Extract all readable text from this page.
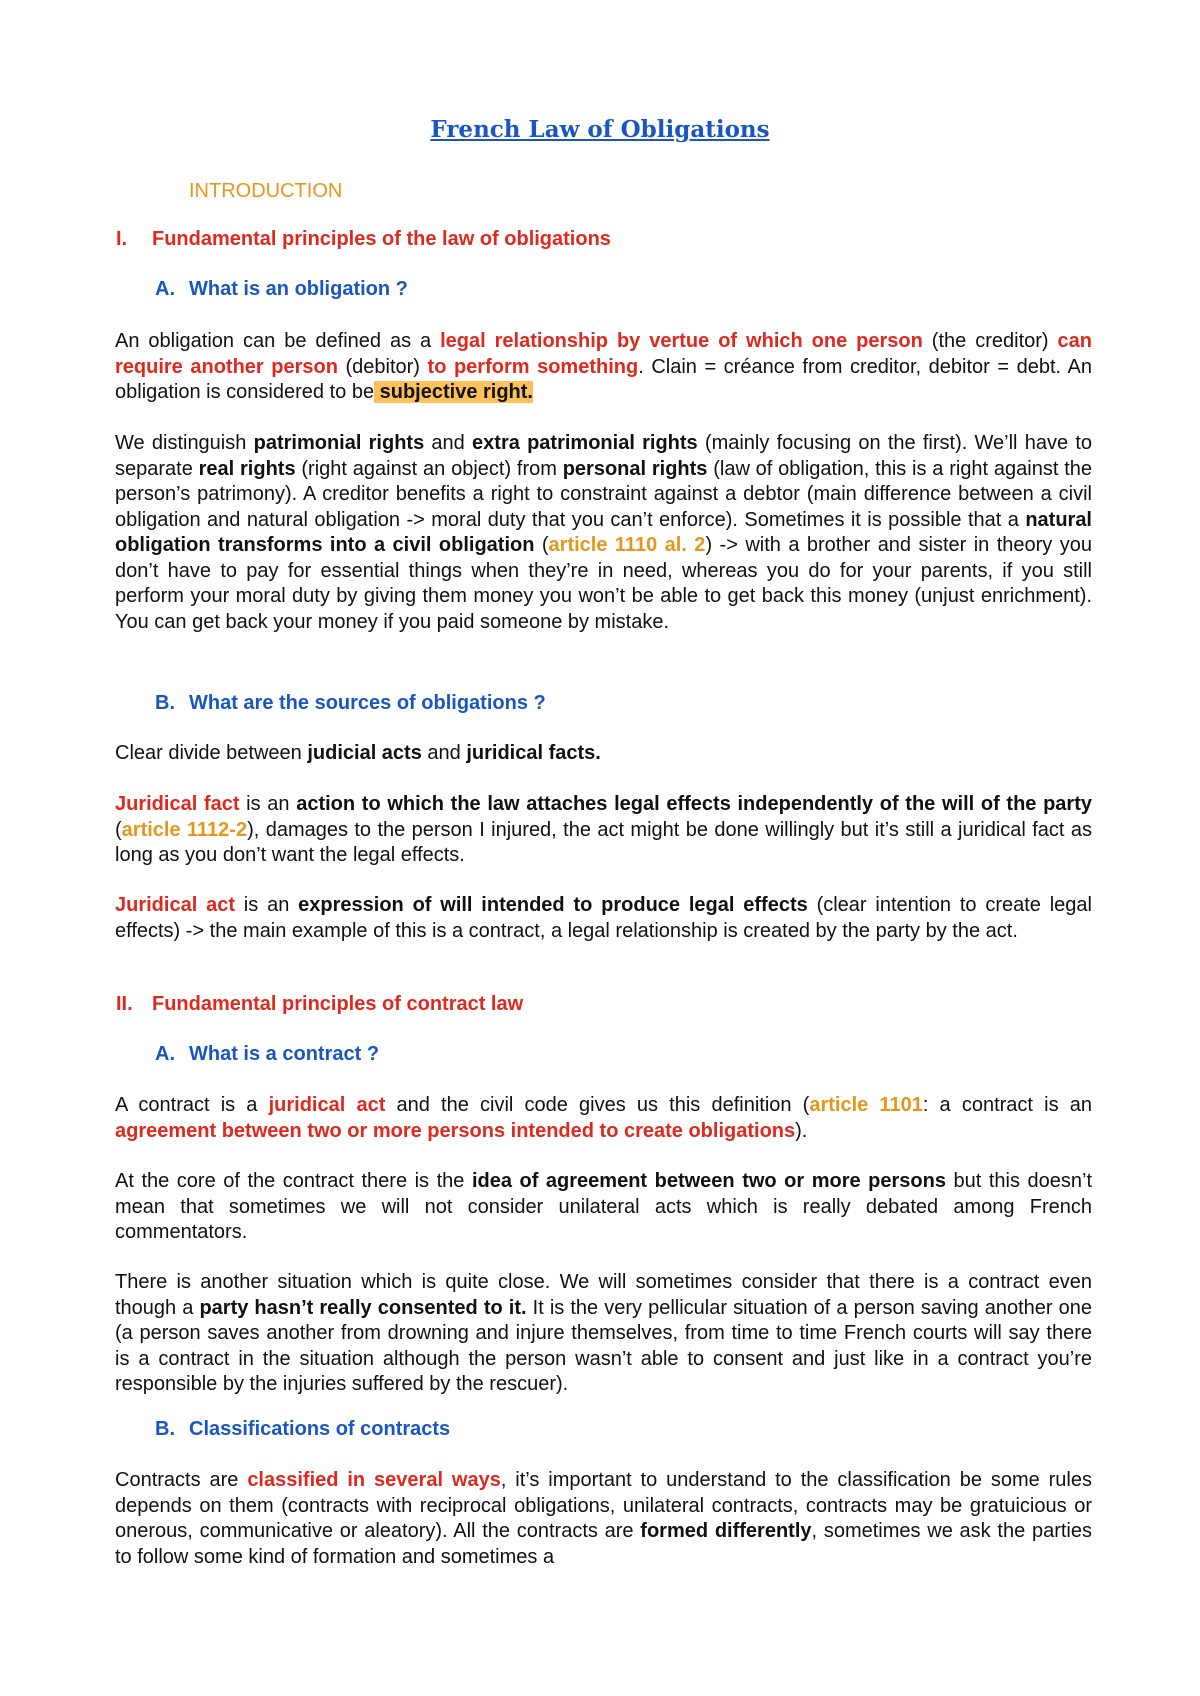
French Law of Obligations
INTRODUCTION
I. Fundamental principles of the law of obligations
A. What is an obligation ?

An obligation can be defined as a legal relationship by vertue of which one person (the creditor) can require another person (debitor) to perform something. Clain = créance from creditor, debitor = debt. An obligation is considered to be subjective right.

We distinguish patrimonial rights and extra patrimonial rights (mainly focusing on the first). We’ll have to separate real rights (right against an object) from personal rights (law of obligation, this is a right against the person’s patrimony). A creditor benefits a right to constraint against a debtor (main difference between a civil obligation and natural obligation -> moral duty that you can’t enforce). Sometimes it is possible that a natural obligation transforms into a civil obligation (article 1110 al. 2) -> with a brother and sister in theory you don’t have to pay for essential things when they’re in need, whereas you do for your parents, if you still perform your moral duty by giving them money you won’t be able to get back this money (unjust enrichment). You can get back your money if you paid someone by mistake.

B. What are the sources of obligations ?

Clear divide between judicial acts and juridical facts.

Juridical fact is an action to which the law attaches legal effects independently of the will of the party (article 1112-2), damages to the person I injured, the act might be done willingly but it’s still a juridical fact as long as you don’t want the legal effects.

Juridical act is an expression of will intended to produce legal effects (clear intention to create legal effects) -> the main example of this is a contract, a legal relationship is created by the party by the act.

II. Fundamental principles of contract law
A. What is a contract ?

A contract is a juridical act and the civil code gives us this definition (article 1101: a contract is an agreement between two or more persons intended to create obligations).

At the core of the contract there is the idea of agreement between two or more persons but this doesn’t mean that sometimes we will not consider unilateral acts which is really debated among French commentators.

There is another situation which is quite close. We will sometimes consider that there is a contract even though a party hasn’t really consented to it. It is the very pellicular situation of a person saving another one (a person saves another from drowning and injure themselves, from time to time French courts will say there is a contract in the situation although the person wasn’t able to consent and just like in a contract you’re responsible by the injuries suffered by the rescuer).

B. Classifications of contracts

Contracts are classified in several ways, it’s important to understand to the classification be some rules depends on them (contracts with reciprocal obligations, unilateral contracts, contracts may be gratuicious or onerous, communicative or aleatory). All the contracts are formed differently, sometimes we ask the parties to follow some kind of formation and sometimes a
